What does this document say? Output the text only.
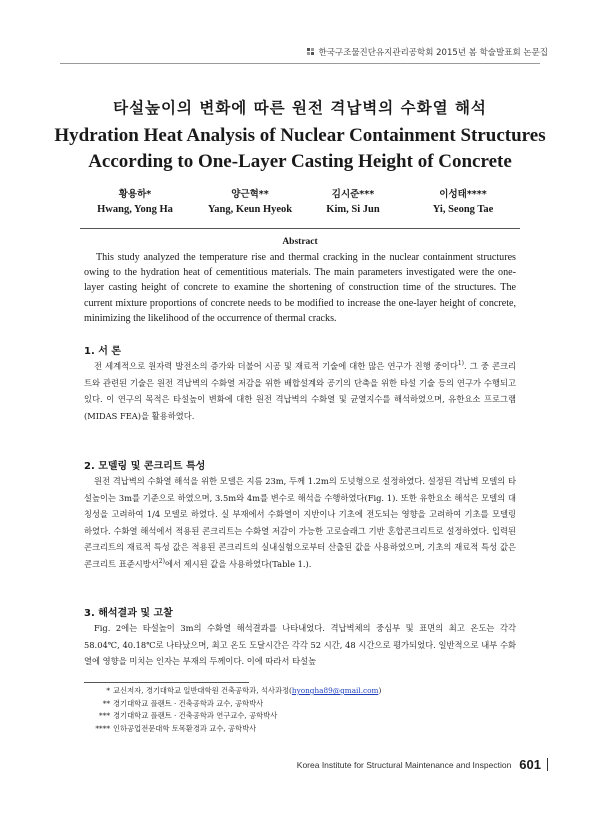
한국구조물진단유지관리공학회 2015년 봄 학술발표회 논문집
타설높이의 변화에 따른 원전 격납벽의 수화열 해석
Hydration Heat Analysis of Nuclear Containment Structures
According to One-Layer Casting Height of Concrete
황용하*
Hwang, Yong Ha
양근혁**
Yang, Keun Hyeok
김시준***
Kim, Si Jun
이성태****
Yi, Seong Tae
Abstract

This study analyzed the temperature rise and thermal cracking in the nuclear containment structures owing to the hydration heat of cementitious materials. The main parameters investigated were the one-layer casting height of concrete to examine the shortening of construction time of the structures. The current mixture proportions of concrete needs to be modified to increase the one-layer height of concrete, minimizing the likelihood of the occurrence of thermal cracks.

1. 서 론

전 세계적으로 원자력 발전소의 증가와 더불어 시공 및 재료적 기술에 대한 많은 연구가 진행 중이다$^{1)}$. 그 중 콘크리트와 관련된 기술은 원전 격납벽의 수화열 저감을 위한 배합설계와 공기의 단축을 위한 타설 기술 등의 연구가 수행되고 있다. 이 연구의 목적은 타설높이 변화에 대한 원전 격납벽의 수화열 및 균열지수를 해석하였으며, 유한요소 프로그램(MIDAS FEA)을 활용하였다.

2. 모델링 및 콘크리트 특성

원전 격납벽의 수화열 해석을 위한 모델은 지름 23m, 두께 1.2m의 도넛형으로 설정하였다. 설정된 격납벽 모델의 타설높이는 3m를 기준으로 하였으며, 3.5m와 4m를 변수로 해석을 수행하였다(Fig. 1). 또한 유한요소 해석은 모델의 대칭성을 고려하여 1/4 모델로 하였다. 실 부재에서 수화열이 지반이나 기초에 전도되는 영향을 고려하여 기초를 모델링 하였다. 수화열 해석에서 적용된 콘크리트는 수화열 저감이 가능한 고로슬래그 기반 혼합콘크리트로 설정하였다. 입력된 콘크리트의 재료적 특성 값은 적용된 콘크리트의 실내실험으로부터 산출된 값을 사용하였으며, 기초의 재료적 특성 값은 콘크리트 표준시방서$^{2)}$에서 제시된 값을 사용하였다(Table 1.).

3. 해석결과 및 고찰

Fig. 2에는 타설높이 3m의 수화열 해석결과를 나타내었다. 격납벽체의 중심부 및 표면의 최고 온도는 각각 58.04℃, 40.18℃로 나타났으며, 최고 온도 도달시간은 각각 52 시간, 48 시간으로 평가되었다. 일반적으로 내부 수화열에 영향을 미치는 인자는 부재의 두께이다. 이에 따라서 타설높

* 교신저자, 경기대학교 일반대학원 건축공학과, 석사과정(hyongha89@gmail.com)
** 경기대학교 플랜트 · 건축공학과 교수, 공학박사
*** 경기대학교 플랜트 · 건축공학과 연구교수, 공학박사
**** 인하공업전문대학 토목환경과 교수, 공학박사
Korea Institute for Structural Maintenance and Inspection 601
